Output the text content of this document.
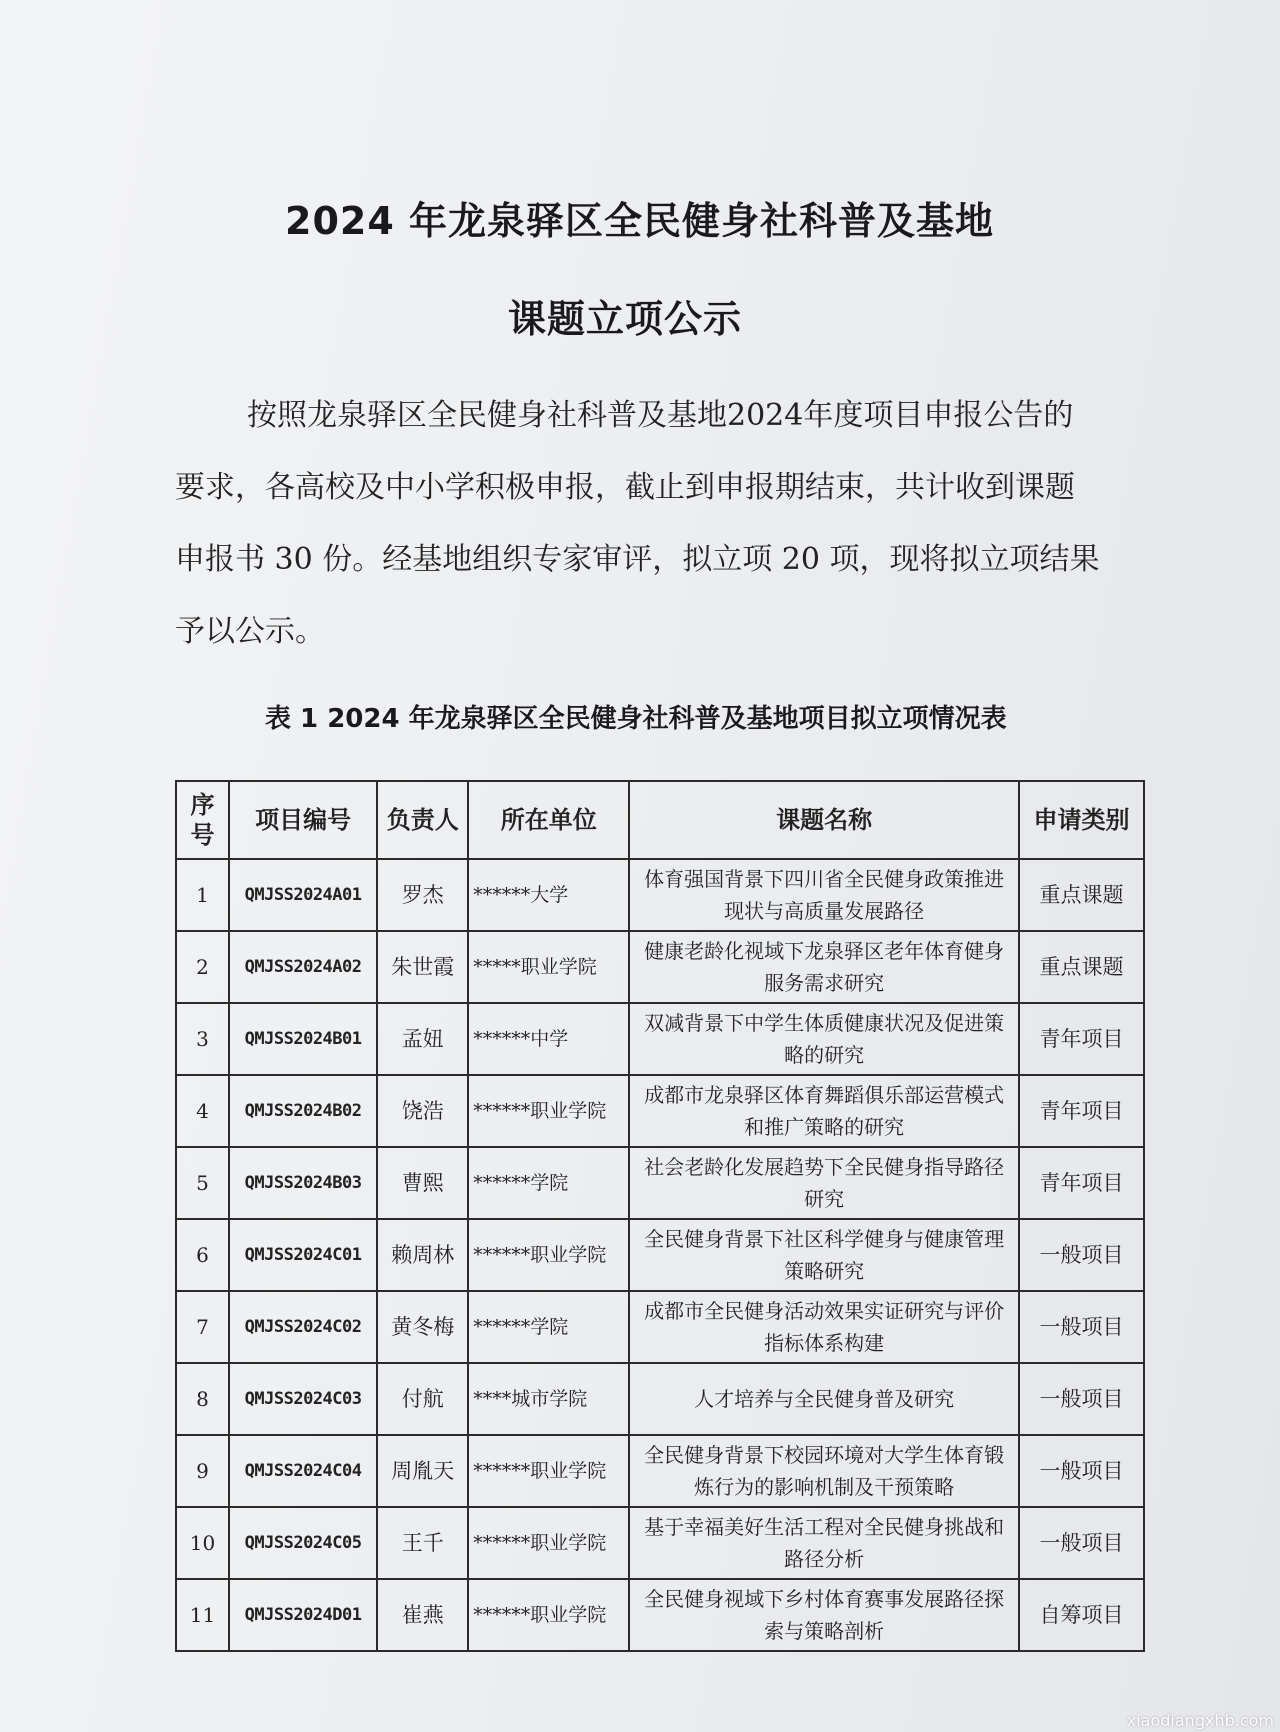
2024 年龙泉驿区全民健身社科普及基地
课题立项公示
按照龙泉驿区全民健身社科普及基地2024年度项目申报公告的
要求，各高校及中小学积极申报，截止到申报期结束，共计收到课题
申报书 30 份。经基地组织专家审评，拟立项 20 项，现将拟立项结果
予以公示。
表 1 2024 年龙泉驿区全民健身社科普及基地项目拟立项情况表
序
号	项目编号	负责人	所在单位	课题名称	申请类别
1	QMJSS2024A01	罗杰	******大学	体育强国背景下四川省全民健身政策推进现状与高质量发展路径	重点课题
2	QMJSS2024A02	朱世霞	*****职业学院	健康老龄化视域下龙泉驿区老年体育健身服务需求研究	重点课题
3	QMJSS2024B01	孟妞	******中学	双减背景下中学生体质健康状况及促进策略的研究	青年项目
4	QMJSS2024B02	饶浩	******职业学院	成都市龙泉驿区体育舞蹈俱乐部运营模式和推广策略的研究	青年项目
5	QMJSS2024B03	曹熙	******学院	社会老龄化发展趋势下全民健身指导路径研究	青年项目
6	QMJSS2024C01	赖周林	******职业学院	全民健身背景下社区科学健身与健康管理策略研究	一般项目
7	QMJSS2024C02	黄冬梅	******学院	成都市全民健身活动效果实证研究与评价指标体系构建	一般项目
8	QMJSS2024C03	付航	****城市学院	人才培养与全民健身普及研究	一般项目
9	QMJSS2024C04	周胤天	******职业学院	全民健身背景下校园环境对大学生体育锻炼行为的影响机制及干预策略	一般项目
10	QMJSS2024C05	王千	******职业学院	基于幸福美好生活工程对全民健身挑战和路径分析	一般项目
11	QMJSS2024D01	崔燕	******职业学院	全民健身视域下乡村体育赛事发展路径探索与策略剖析	自筹项目
xiaodiangxhb.com
